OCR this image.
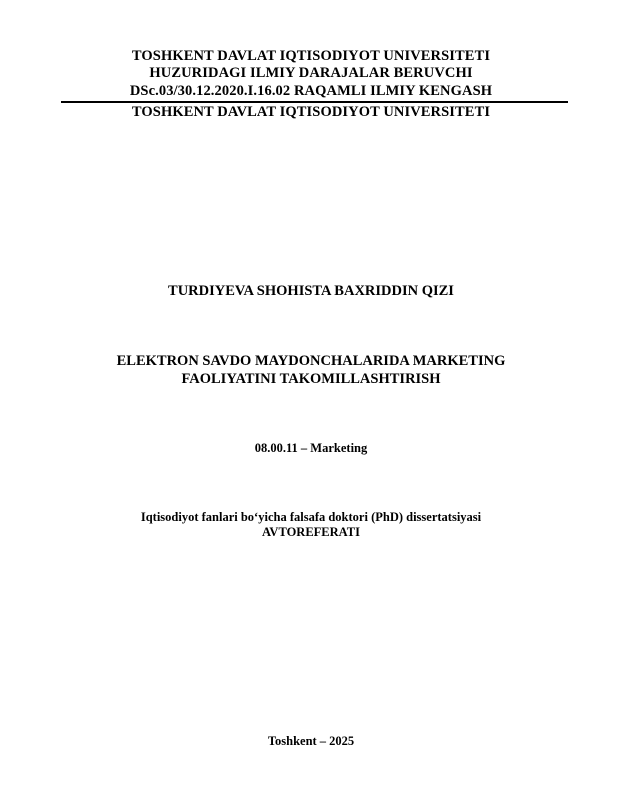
TOSHKENT DAVLAT IQTISODIYOT UNIVERSITETI
HUZURIDAGI ILMIY DARAJALAR BERUVCHI
DSc.03/30.12.2020.I.16.02 RAQAMLI ILMIY KENGASH
TOSHKENT DAVLAT IQTISODIYOT UNIVERSITETI
TURDIYEVA SHOHISTA BAXRIDDIN QIZI
ELEKTRON SAVDO MAYDONCHALARIDA MARKETING
FAOLIYATINI TAKOMILLASHTIRISH
08.00.11 – Marketing
Iqtisodiyot fanlari bo‘yicha falsafa doktori (PhD) dissertatsiyasi
AVTOREFERATI
Toshkent – 2025
